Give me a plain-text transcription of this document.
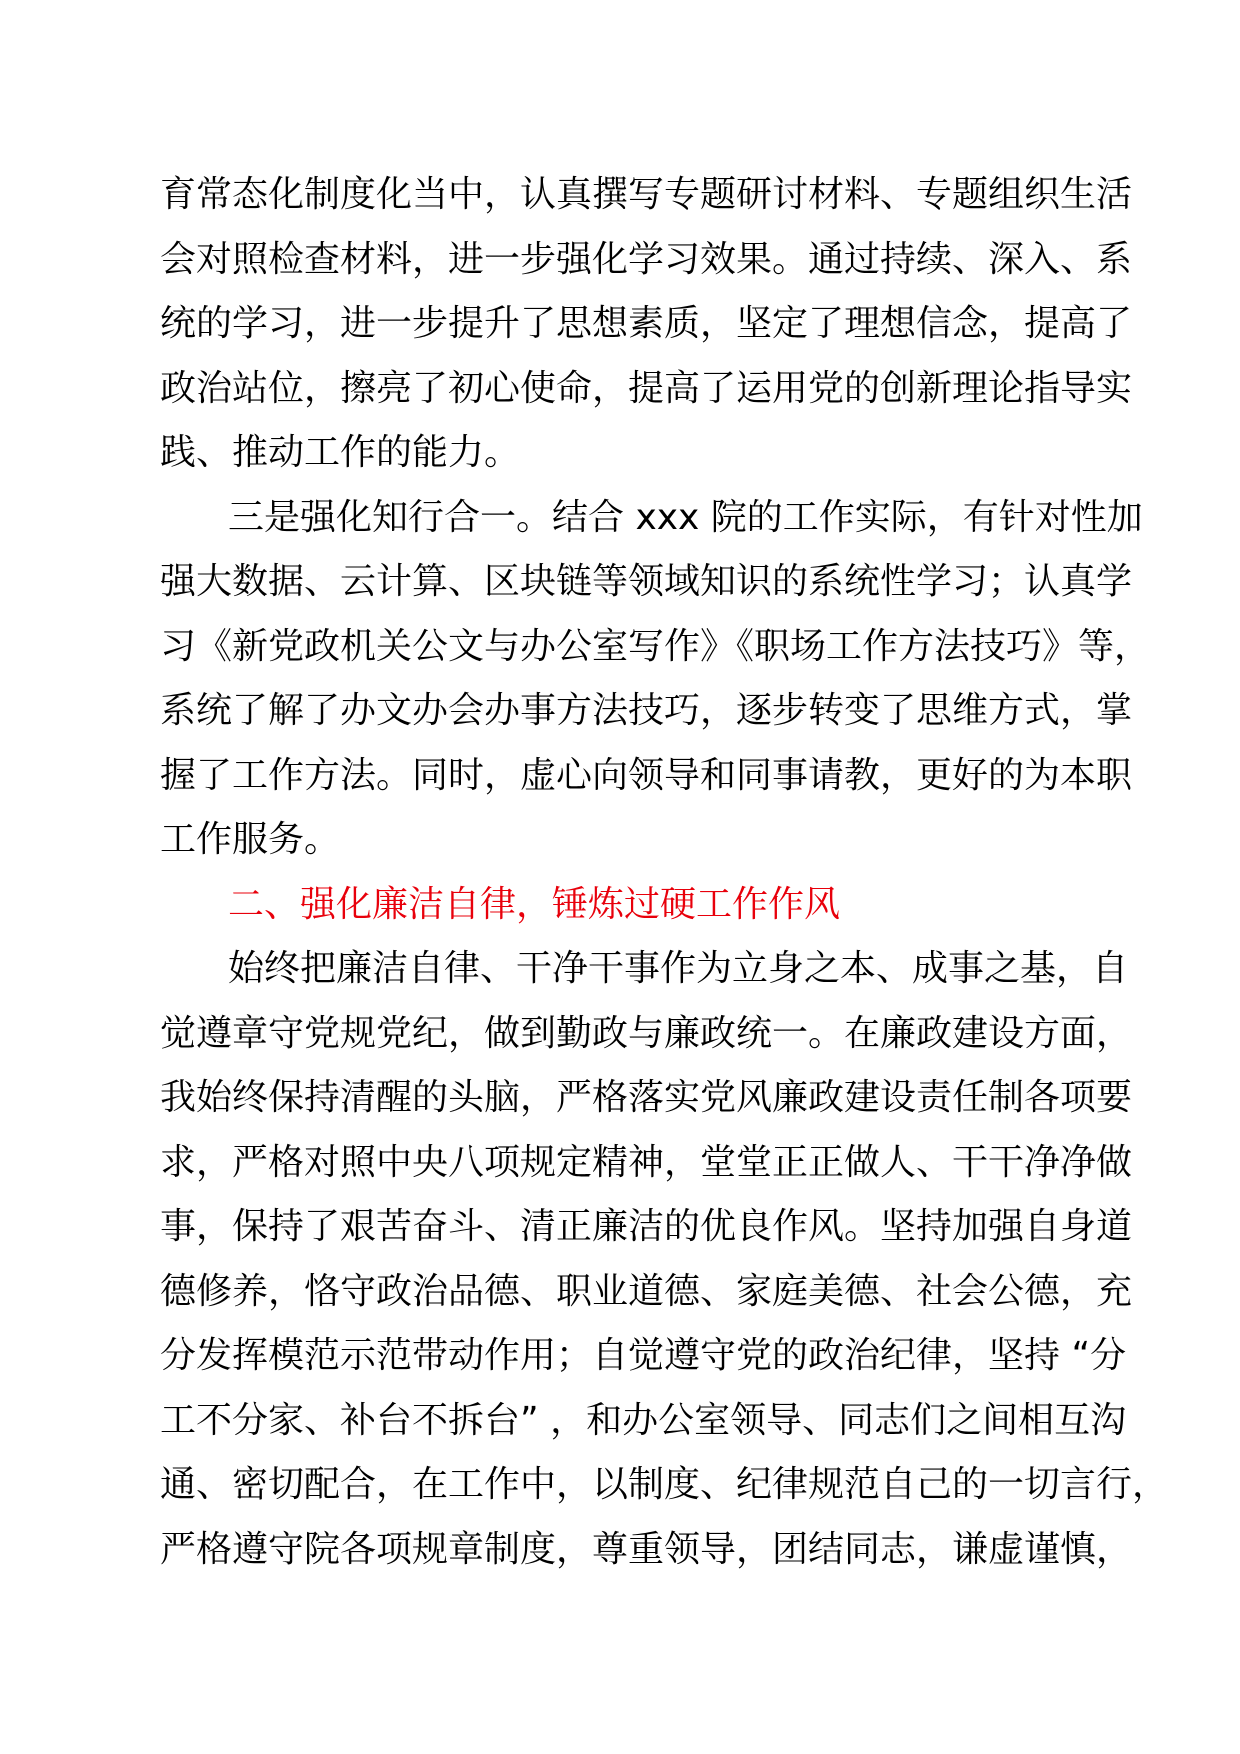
育常态化制度化当中，认真撰写专题研讨材料、专题组织生活
会对照检查材料，进一步强化学习效果。通过持续、深入、系
统的学习，进一步提升了思想素质，坚定了理想信念，提高了
政治站位，擦亮了初心使命，提高了运用党的创新理论指导实
践、推动工作的能力。
三是强化知行合一。结合 xxx 院的工作实际，有针对性加
强大数据、云计算、区块链等领域知识的系统性学习；认真学
习《新党政机关公文与办公室写作》《职场工作方法技巧》等，
系统了解了办文办会办事方法技巧，逐步转变了思维方式，掌
握了工作方法。同时，虚心向领导和同事请教，更好的为本职
工作服务。
二、强化廉洁自律，锤炼过硬工作作风
始终把廉洁自律、干净干事作为立身之本、成事之基，自
觉遵章守党规党纪，做到勤政与廉政统一。在廉政建设方面，
我始终保持清醒的头脑，严格落实党风廉政建设责任制各项要
求，严格对照中央八项规定精神，堂堂正正做人、干干净净做
事，保持了艰苦奋斗、清正廉洁的优良作风。坚持加强自身道
德修养，恪守政治品德、职业道德、家庭美德、社会公德，充
分发挥模范示范带动作用；自觉遵守党的政治纪律，坚持 “分
工不分家、补台不拆台” ，和办公室领导、同志们之间相互沟
通、密切配合，在工作中，以制度、纪律规范自己的一切言行，
严格遵守院各项规章制度，尊重领导，团结同志，谦虚谨慎，
